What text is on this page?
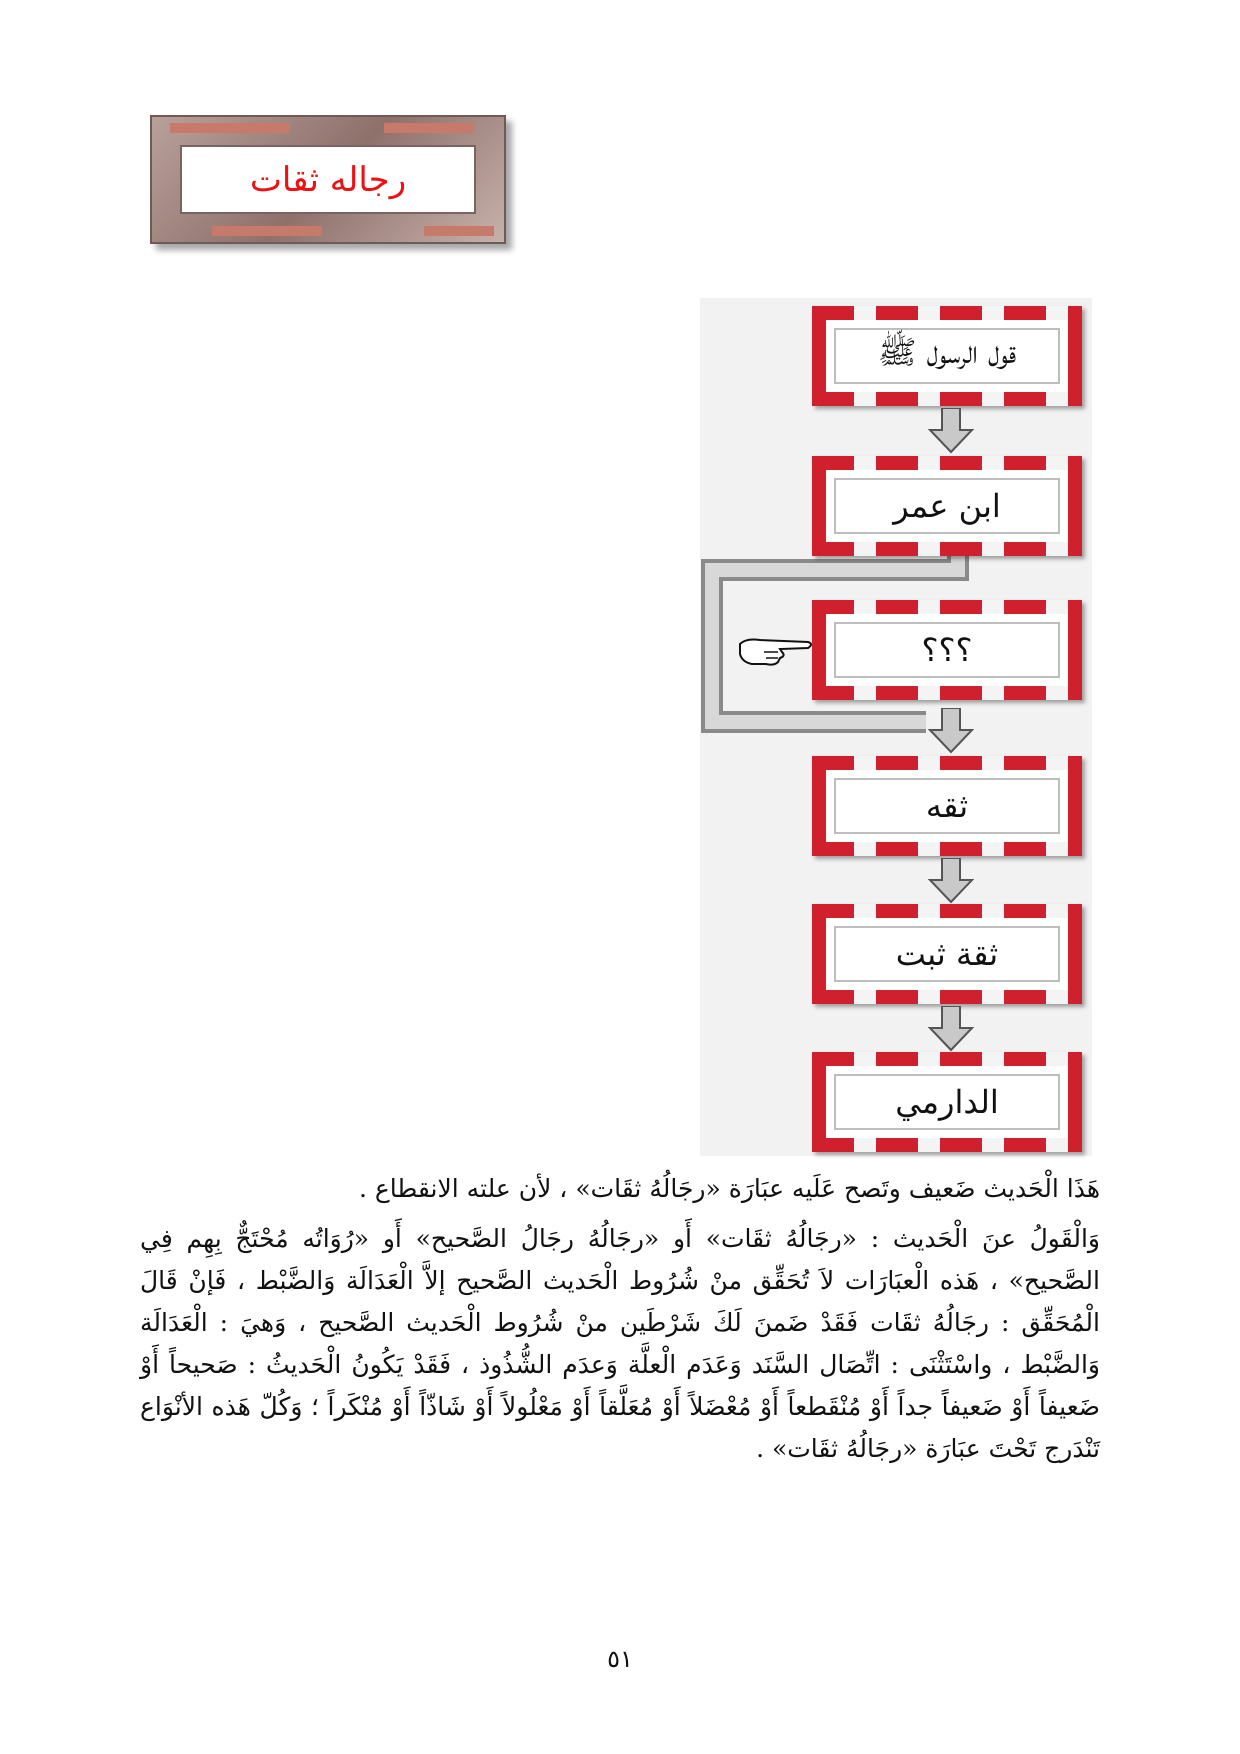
رجاله ثقات
قول الرسول ﷺ
ابن عمر
؟؟؟
ثقه
ثقة ثبت
الدارمي

هَذَا الْحَديث ضَعيف وتَصح عَلَيه عبَارَة «رجَالُهُ ثقَات» ، لأن علته الانقطاع .

وَالْقَولُ عنَ الْحَديث : «رجَالُهُ ثقَات» أَو «رجَالُهُ رجَالُ الصَّحيح» أَو «رُوَاتُه مُحْتَجٌّ بِهِم فِي الصَّحيح» ، هَذه الْعبَارَات لاَ تُحَقِّق منْ شُرُوط الْحَديث الصَّحيح إلاَّ الْعَدَالَة وَالضَّبْط ، فَإنْ قَالَ الْمُحَقِّق : رجَالُهُ ثقَات فَقَدْ ضَمنَ لَكَ شَرْطَين منْ شُرُوط الْحَديث الصَّحيح ، وَهيَ : الْعَدَالَة وَالضَّبْط ، واسْتَثْنَى : اتِّصَال السَّنَد وَعَدَم الْعلَّة وَعدَم الشُّذُوذ ، فَقَدْ يَكُونُ الْحَديثُ : صَحيحاً أَوْ ضَعيفاً أَوْ ضَعيفاً جداً أَوْ مُنْقَطعاً أَوْ مُعْضَلاً أَوْ مُعَلَّقاً أَوْ مَعْلُولاً أَوْ شَاذّاً أَوْ مُنْكَراً ؛ وَكُلّ هَذه الأنْوَاع تَنْدَرج تَحْتَ عبَارَة «رجَالُهُ ثقَات» .

٥١
